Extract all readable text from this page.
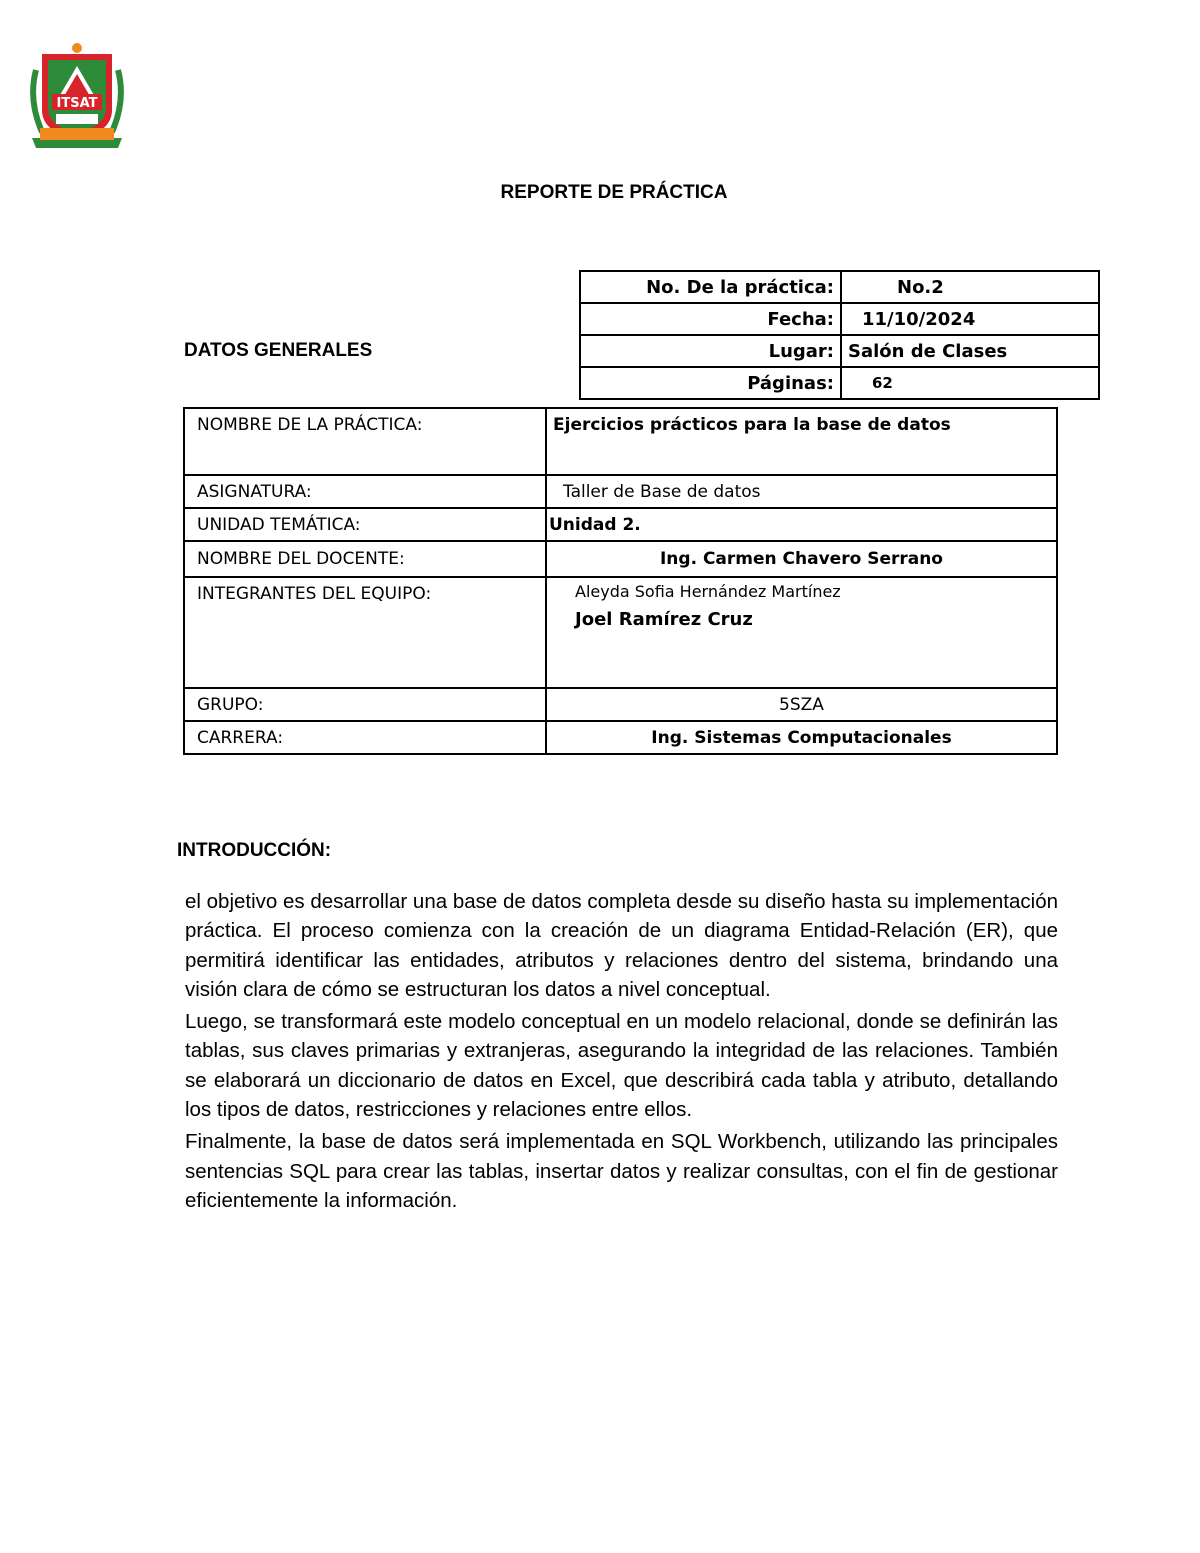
ITSAT
REPORTE DE PRÁCTICA
DATOS GENERALES
No. De la práctica:	No.2
Fecha:	11/10/2024
Lugar:	Salón de Clases
Páginas:	62
NOMBRE DE LA PRÁCTICA:	Ejercicios prácticos para la base de datos
ASIGNATURA:	Taller de Base de datos
UNIDAD TEMÁTICA:	Unidad 2.
NOMBRE DEL DOCENTE:	Ing. Carmen Chavero Serrano
INTEGRANTES DEL EQUIPO:	Aleyda Sofia Hernández Martínez
Joel Ramírez Cruz

GRUPO:	5SZA
CARRERA:	Ing. Sistemas Computacionales
INTRODUCCIÓN:

el objetivo es desarrollar una base de datos completa desde su diseño hasta su implementación práctica. El proceso comienza con la creación de un diagrama Entidad-Relación (ER), que permitirá identificar las entidades, atributos y relaciones dentro del sistema, brindando una visión clara de cómo se estructuran los datos a nivel conceptual.

Luego, se transformará este modelo conceptual en un modelo relacional, donde se definirán las tablas, sus claves primarias y extranjeras, asegurando la integridad de las relaciones. También se elaborará un diccionario de datos en Excel, que describirá cada tabla y atributo, detallando los tipos de datos, restricciones y relaciones entre ellos.

Finalmente, la base de datos será implementada en SQL Workbench, utilizando las principales sentencias SQL para crear las tablas, insertar datos y realizar consultas, con el fin de gestionar eficientemente la información.
